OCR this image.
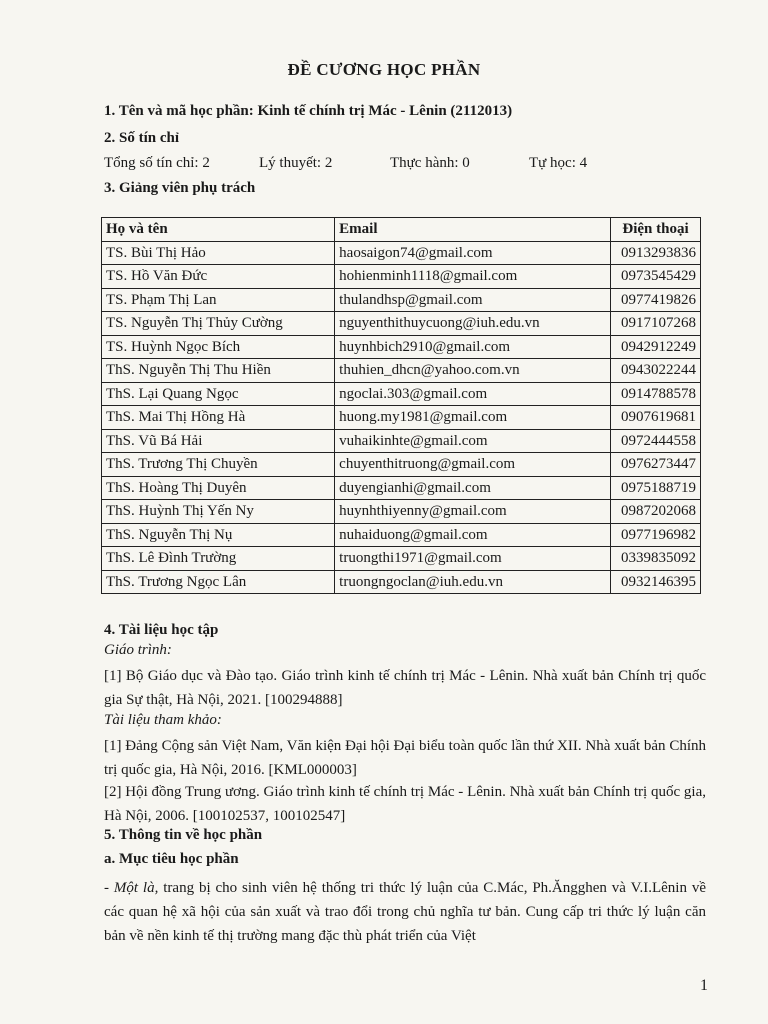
ĐỀ CƯƠNG HỌC PHẦN
1. Tên và mã học phần: Kinh tế chính trị Mác - Lênin (2112013)
2. Số tín chỉ
Tổng số tín chỉ: 2	Lý thuyết: 2	Thực hành: 0	Tự học: 4
3. Giảng viên phụ trách
Họ và tên	Email	Điện thoại
TS. Bùi Thị Hảo	haosaigon74@gmail.com	0913293836
TS. Hồ Văn Đức	hohienminh1118@gmail.com	0973545429
TS. Phạm Thị Lan	thulandhsp@gmail.com	0977419826
TS. Nguyễn Thị Thủy Cường	nguyenthithuycuong@iuh.edu.vn	0917107268
TS. Huỳnh Ngọc Bích	huynhbich2910@gmail.com	0942912249
ThS. Nguyễn Thị Thu Hiền	thuhien_dhcn@yahoo.com.vn	0943022244
ThS. Lại Quang Ngọc	ngoclai.303@gmail.com	0914788578
ThS. Mai Thị Hồng Hà	huong.my1981@gmail.com	0907619681
ThS. Vũ Bá Hải	vuhaikinhte@gmail.com	0972444558
ThS. Trương Thị Chuyền	chuyenthitruong@gmail.com	0976273447
ThS. Hoàng Thị Duyên	duyengianhi@gmail.com	0975188719
ThS. Huỳnh Thị Yến Ny	huynhthiyenny@gmail.com	0987202068
ThS. Nguyễn Thị Nụ	nuhaiduong@gmail.com	0977196982
ThS. Lê Đình Trường	truongthi1971@gmail.com	0339835092
ThS. Trương Ngọc Lân	truongngoclan@iuh.edu.vn	0932146395
4. Tài liệu học tập
Giáo trình:
[1] Bộ Giáo dục và Đào tạo. Giáo trình kinh tế chính trị Mác - Lênin. Nhà xuất bản Chính trị quốc gia Sự thật, Hà Nội, 2021. [100294888]
Tài liệu tham khảo:
[1] Đảng Cộng sản Việt Nam, Văn kiện Đại hội Đại biểu toàn quốc lần thứ XII. Nhà xuất bản Chính trị quốc gia, Hà Nội, 2016. [KML000003]
[2] Hội đồng Trung ương. Giáo trình kinh tế chính trị Mác - Lênin. Nhà xuất bản Chính trị quốc gia, Hà Nội, 2006. [100102537, 100102547]
5. Thông tin về học phần
a. Mục tiêu học phần
- Một là, trang bị cho sinh viên hệ thống tri thức lý luận của C.Mác, Ph.Ăngghen và V.I.Lênin về các quan hệ xã hội của sản xuất và trao đổi trong chủ nghĩa tư bản. Cung cấp tri thức lý luận căn bản về nền kinh tế thị trường mang đặc thù phát triển của Việt
1
